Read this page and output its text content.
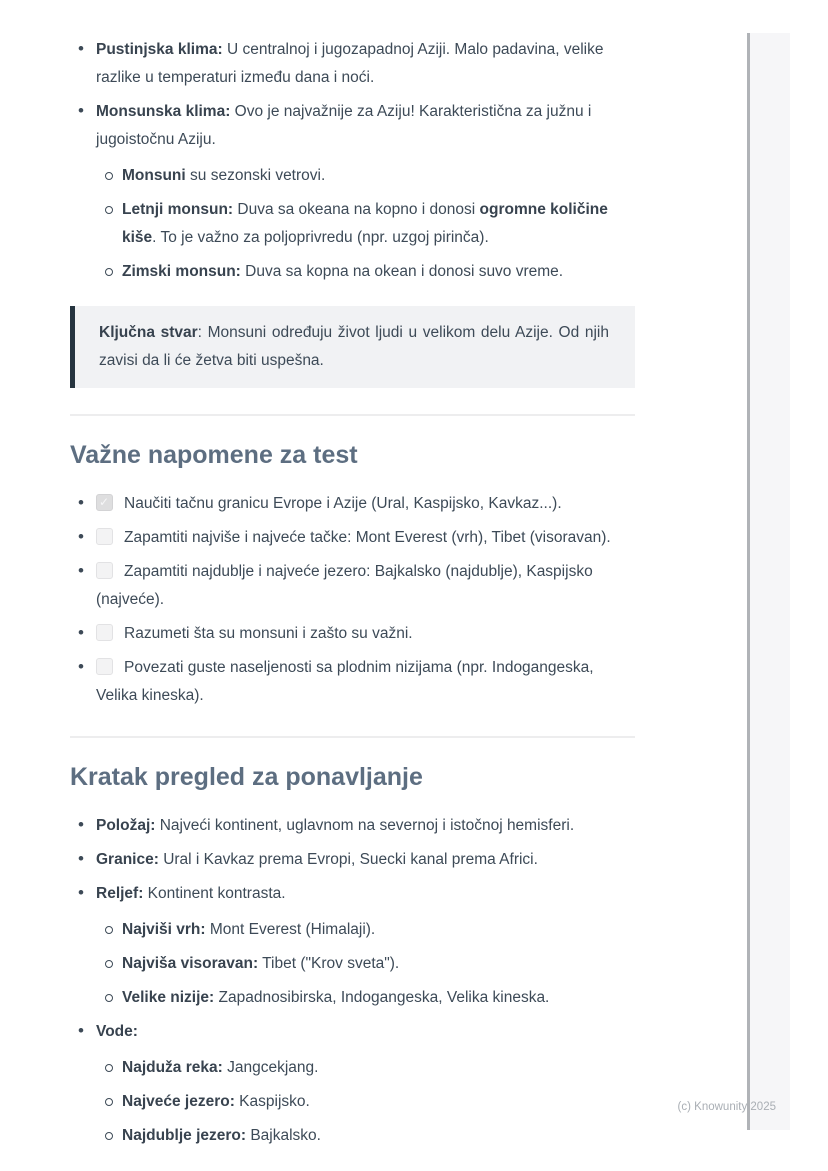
• Pustinjska klima: U centralnoj i jugozapadnoj Aziji. Malo padavina, velike razlike u temperaturi između dana i noći.
• Monsunska klima: Ovo je najvažnije za Aziju! Karakteristična za južnu i jugoistočnu Aziju.
Monsuni su sezonski vetrovi.
Letnji monsun: Duva sa okeana na kopno i donosi ogromne količine kiše. To je važno za poljoprivredu (npr. uzgoj pirinča).
Zimski monsun: Duva sa kopna na okean i donosi suvo vreme.
Ključna stvar: Monsuni određuju život ljudi u velikom delu Azije. Od njih zavisi da li će žetva biti uspešna.
Važne napomene za test
✓• Naučiti tačnu granicu Evrope i Azije (Ural, Kaspijsko, Kavkaz...).
• Zapamtiti najviše i najveće tačke: Mont Everest (vrh), Tibet (visoravan).
• Zapamtiti najdublje i najveće jezero: Bajkalsko (najdublje), Kaspijsko (najveće).
• Razumeti šta su monsuni i zašto su važni.
• Povezati guste naseljenosti sa plodnim nizijama (npr. Indogangeska, Velika kineska).
Kratak pregled za ponavljanje
• Položaj: Najveći kontinent, uglavnom na severnoj i istočnoj hemisferi.
• Granice: Ural i Kavkaz prema Evropi, Suecki kanal prema Africi.
• Reljef: Kontinent kontrasta.
Najviši vrh: Mont Everest (Himalaji).
Najviša visoravan: Tibet ("Krov sveta").
Velike nizije: Zapadnosibirska, Indogangeska, Velika kineska.
• Vode:
Najduža reka: Jangcekjang.
Najveće jezero: Kaspijsko.
Najdublje jezero: Bajkalsko.
(c) Knowunity 2025
